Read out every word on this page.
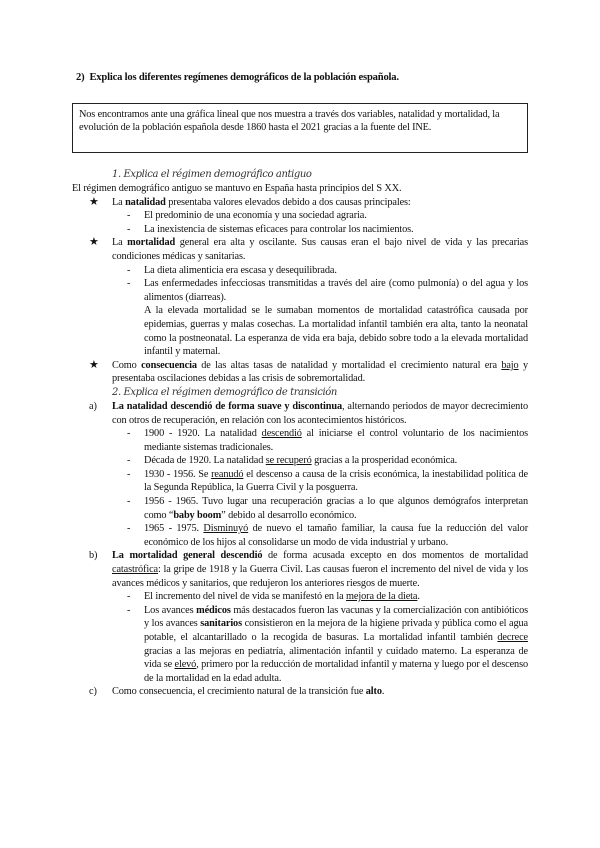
2) Explica los diferentes regímenes demográficos de la población española.
Nos encontramos ante una gráfica lineal que nos muestra a través dos variables, natalidad y mortalidad, la evolución de la población española desde 1860 hasta el 2021 gracias a la fuente del INE.
1. Explica el régimen demográfico antiguo
El régimen demográfico antiguo se mantuvo en España hasta principios del S XX.
★ La natalidad presentaba valores elevados debido a dos causas principales:
- El predominio de una economía y una sociedad agraria.
- La inexistencia de sistemas eficaces para controlar los nacimientos.
★ La mortalidad general era alta y oscilante. Sus causas eran el bajo nivel de vida y las precarias condiciones médicas y sanitarias.
- La dieta alimenticia era escasa y desequilibrada.
- Las enfermedades infecciosas transmitidas a través del aire (como pulmonía) o del agua y los alimentos (diarreas).
A la elevada mortalidad se le sumaban momentos de mortalidad catastrófica causada por epidemias, guerras y malas cosechas. La mortalidad infantil también era alta, tanto la neonatal como la postneonatal. La esperanza de vida era baja, debido sobre todo a la elevada mortalidad infantil y maternal.
★ Como consecuencia de las altas tasas de natalidad y mortalidad el crecimiento natural era bajo y presentaba oscilaciones debidas a las crisis de sobremortalidad.
2. Explica el régimen demográfico de transición
a) La natalidad descendió de forma suave y discontinua, alternando periodos de mayor decrecimiento con otros de recuperación, en relación con los acontecimientos históricos.
- 1900 - 1920. La natalidad descendió al iniciarse el control voluntario de los nacimientos mediante sistemas tradicionales.
- Década de 1920. La natalidad se recuperó gracias a la prosperidad económica.
- 1930 - 1956. Se reanudó el descenso a causa de la crisis económica, la inestabilidad política de la Segunda República, la Guerra Civil y la posguerra.
- 1956 - 1965. Tuvo lugar una recuperación gracias a lo que algunos demógrafos interpretan como “baby boom” debido al desarrollo económico.
- 1965 - 1975. Disminuyó de nuevo el tamaño familiar, la causa fue la reducción del valor económico de los hijos al consolidarse un modo de vida industrial y urbano.
b) La mortalidad general descendió de forma acusada excepto en dos momentos de mortalidad catastrófica: la gripe de 1918 y la Guerra Civil. Las causas fueron el incremento del nivel de vida y los avances médicos y sanitarios, que redujeron los anteriores riesgos de muerte.
- El incremento del nivel de vida se manifestó en la mejora de la dieta.
- Los avances médicos más destacados fueron las vacunas y la comercialización con antibióticos y los avances sanitarios consistieron en la mejora de la higiene privada y pública como el agua potable, el alcantarillado o la recogida de basuras. La mortalidad infantil también decrece gracias a las mejoras en pediatría, alimentación infantil y cuidado materno. La esperanza de vida se elevó, primero por la reducción de mortalidad infantil y materna y luego por el descenso de la mortalidad en la edad adulta.
c) Como consecuencia, el crecimiento natural de la transición fue alto.
